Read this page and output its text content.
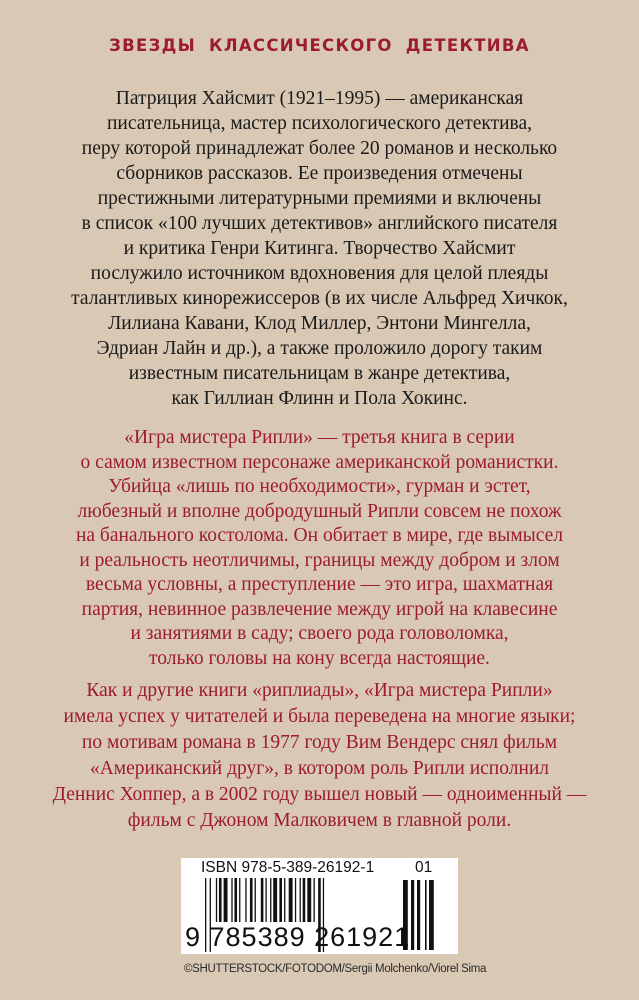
ЗВЕЗДЫ КЛАССИЧЕСКОГО ДЕТЕКТИВА
Патриция Хайсмит (1921–1995) — американская
писательница, мастер психологического детектива,
перу которой принадлежат более 20 романов и несколько
сборников рассказов. Ее произведения отмечены
престижными литературными премиями и включены
в список «100 лучших детективов» английского писателя
и критика Генри Китинга. Творчество Хайсмит
послужило источником вдохновения для целой плеяды
талантливых кинорежиссеров (в их числе Альфред Хичкок,
Лилиана Кавани, Клод Миллер, Энтони Мингелла,
Эдриан Лайн и др.), а также проложило дорогу таким
известным писательницам в жанре детектива,
как Гиллиан Флинн и Пола Хокинс.
«Игра мистера Рипли» — третья книга в серии
о самом известном персонаже американской романистки.
Убийца «лишь по необходимости», гурман и эстет,
любезный и вполне добродушный Рипли совсем не похож
на банального костолома. Он обитает в мире, где вымысел
и реальность неотличимы, границы между добром и злом
весьма условны, а преступление — это игра, шахматная
партия, невинное развлечение между игрой на клавесине
и занятиями в саду; своего рода головоломка,
только головы на кону всегда настоящие.
Как и другие книги «риплиады», «Игра мистера Рипли»
имела успех у читателей и была переведена на многие языки;
по мотивам романа в 1977 году Вим Вендерс снял фильм
«Американский друг», в котором роль Рипли исполнил
Деннис Хоппер, а в 2002 году вышел новый — одноименный —
фильм с Джоном Малковичем в главной роли.
ISBN 978-5-389-26192-1	01
9 785389 261921
©SHUTTERSTOCK/FOTODOM/Sergii Molchenko/Viorel Sima
